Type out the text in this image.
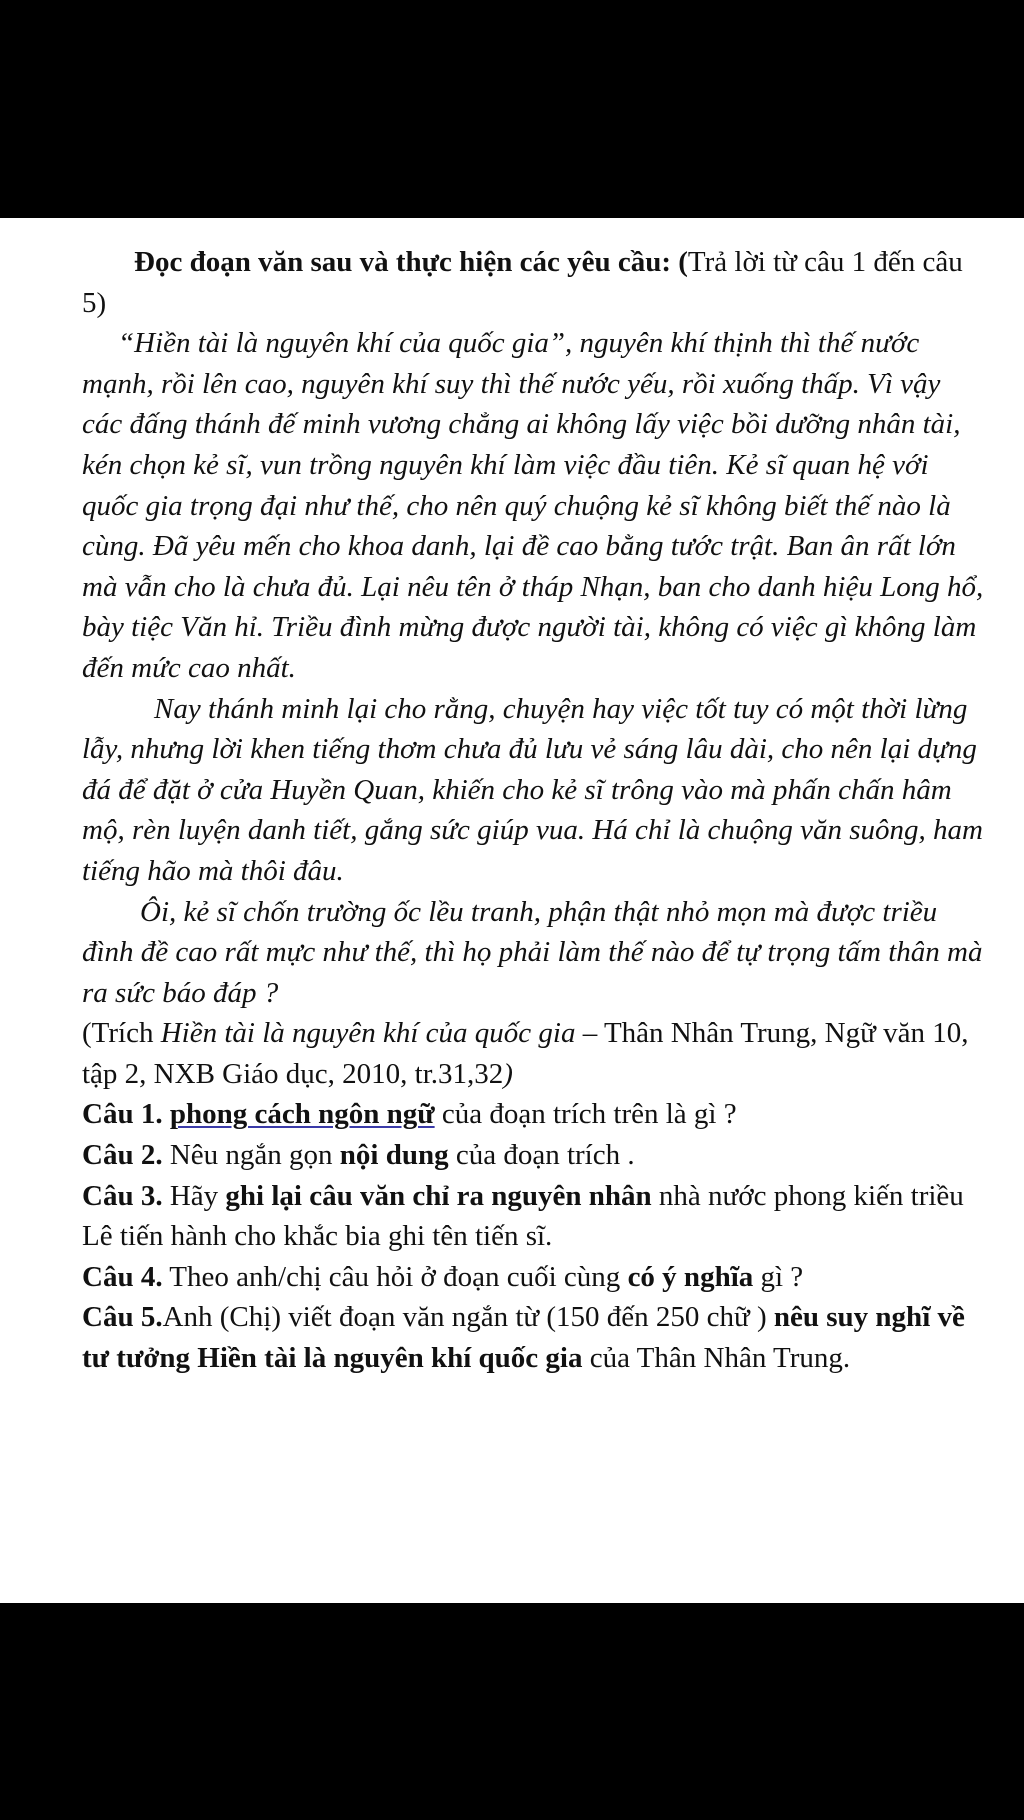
Đọc đoạn văn sau và thực hiện các yêu cầu: (Trả lời từ câu 1 đến câu 5)

“Hiền tài là nguyên khí của quốc gia”, nguyên khí thịnh thì thế nước mạnh, rồi lên cao, nguyên khí suy thì thế nước yếu, rồi xuống thấp. Vì vậy các đấng thánh đế minh vương chẳng ai không lấy việc bồi dưỡng nhân tài, kén chọn kẻ sĩ, vun trồng nguyên khí làm việc đầu tiên. Kẻ sĩ quan hệ với quốc gia trọng đại như thế, cho nên quý chuộng kẻ sĩ không biết thế nào là cùng. Đã yêu mến cho khoa danh, lại đề cao bằng tước trật. Ban ân rất lớn mà vẫn cho là chưa đủ. Lại nêu tên ở tháp Nhạn, ban cho danh hiệu Long hổ, bày tiệc Văn hỉ. Triều đình mừng được người tài, không có việc gì không làm đến mức cao nhất.

Nay thánh minh lại cho rằng, chuyện hay việc tốt tuy có một thời lừng lẫy, nhưng lời khen tiếng thơm chưa đủ lưu vẻ sáng lâu dài, cho nên lại dựng đá để đặt ở cửa Huyền Quan, khiến cho kẻ sĩ trông vào mà phấn chấn hâm mộ, rèn luyện danh tiết, gắng sức giúp vua. Há chỉ là chuộng văn suông, ham tiếng hão mà thôi đâu.

Ôi, kẻ sĩ chốn trường ốc lều tranh, phận thật nhỏ mọn mà được triều đình đề cao rất mực như thế, thì họ phải làm thế nào để tự trọng tấm thân mà ra sức báo đáp ?

(Trích Hiền tài là nguyên khí của quốc gia – Thân Nhân Trung, Ngữ văn 10, tập 2, NXB Giáo dục, 2010, tr.31,32)

Câu 1. phong cách ngôn ngữ của đoạn trích trên là gì ?

Câu 2. Nêu ngắn gọn nội dung của đoạn trích .

Câu 3. Hãy ghi lại câu văn chỉ ra nguyên nhân nhà nước phong kiến triều Lê tiến hành cho khắc bia ghi tên tiến sĩ.

Câu 4. Theo anh/chị câu hỏi ở đoạn cuối cùng có ý nghĩa gì ?

Câu 5.Anh (Chị) viết đoạn văn ngắn từ (150 đến 250 chữ ) nêu suy nghĩ về tư tưởng Hiền tài là nguyên khí quốc gia của Thân Nhân Trung.
